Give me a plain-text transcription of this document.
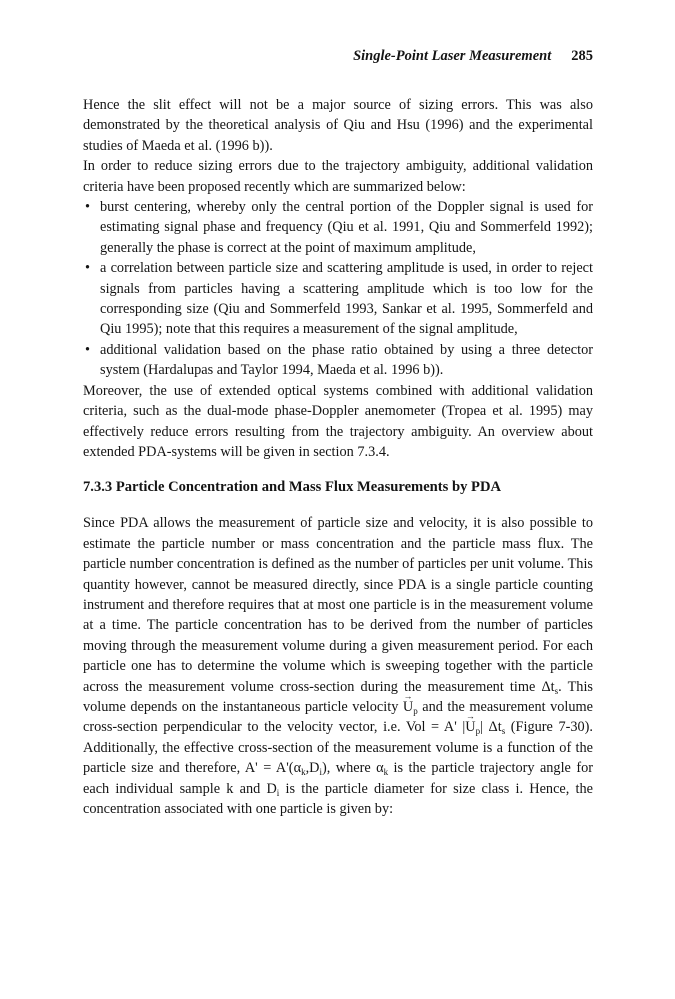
Single-Point Laser Measurement 285

Hence the slit effect will not be a major source of sizing errors. This was also demonstrated by the theoretical analysis of Qiu and Hsu (1996) and the experimental studies of Maeda et al. (1996 b)).

In order to reduce sizing errors due to the trajectory ambiguity, additional validation criteria have been proposed recently which are summarized below:

• burst centering, whereby only the central portion of the Doppler signal is used for estimating signal phase and frequency (Qiu et al. 1991, Qiu and Sommerfeld 1992); generally the phase is correct at the point of maximum amplitude,
• a correlation between particle size and scattering amplitude is used, in order to reject signals from particles having a scattering amplitude which is too low for the corresponding size (Qiu and Sommerfeld 1993, Sankar et al. 1995, Sommerfeld and Qiu 1995); note that this requires a measurement of the signal amplitude,
• additional validation based on the phase ratio obtained by using a three detector system (Hardalupas and Taylor 1994, Maeda et al. 1996 b)).

Moreover, the use of extended optical systems combined with additional validation criteria, such as the dual-mode phase-Doppler anemometer (Tropea et al. 1995) may effectively reduce errors resulting from the trajectory ambiguity. An overview about extended PDA-systems will be given in section 7.3.4.

7.3.3 Particle Concentration and Mass Flux Measurements by PDA

Since PDA allows the measurement of particle size and velocity, it is also possible to estimate the particle number or mass concentration and the particle mass flux. The particle number concentration is defined as the number of particles per unit volume. This quantity however, cannot be measured directly, since PDA is a single particle counting instrument and therefore requires that at most one particle is in the measurement volume at a time. The particle concentration has to be derived from the number of particles moving through the measurement volume during a given measurement period. For each particle one has to determine the volume which is sweeping together with the particle across the measurement volume cross-section during the measurement time $\Delta t_s$. This volume depends on the instantaneous particle velocity → $U_p$ and the measurement volume cross-section perpendicular to the velocity vector, i.e. Vol = A' |→ $U_p|$ $\Delta t_s$ (Figure 7-30). Additionally, the effective cross-section of the measurement volume is a function of the particle size and therefore, $A' = A'(\alpha_k,D_i)$, where $\alpha_k$ is the particle trajectory angle for each individual sample k and $D_i$ is the particle diameter for size class i. Hence, the concentration associated with one particle is given by:
